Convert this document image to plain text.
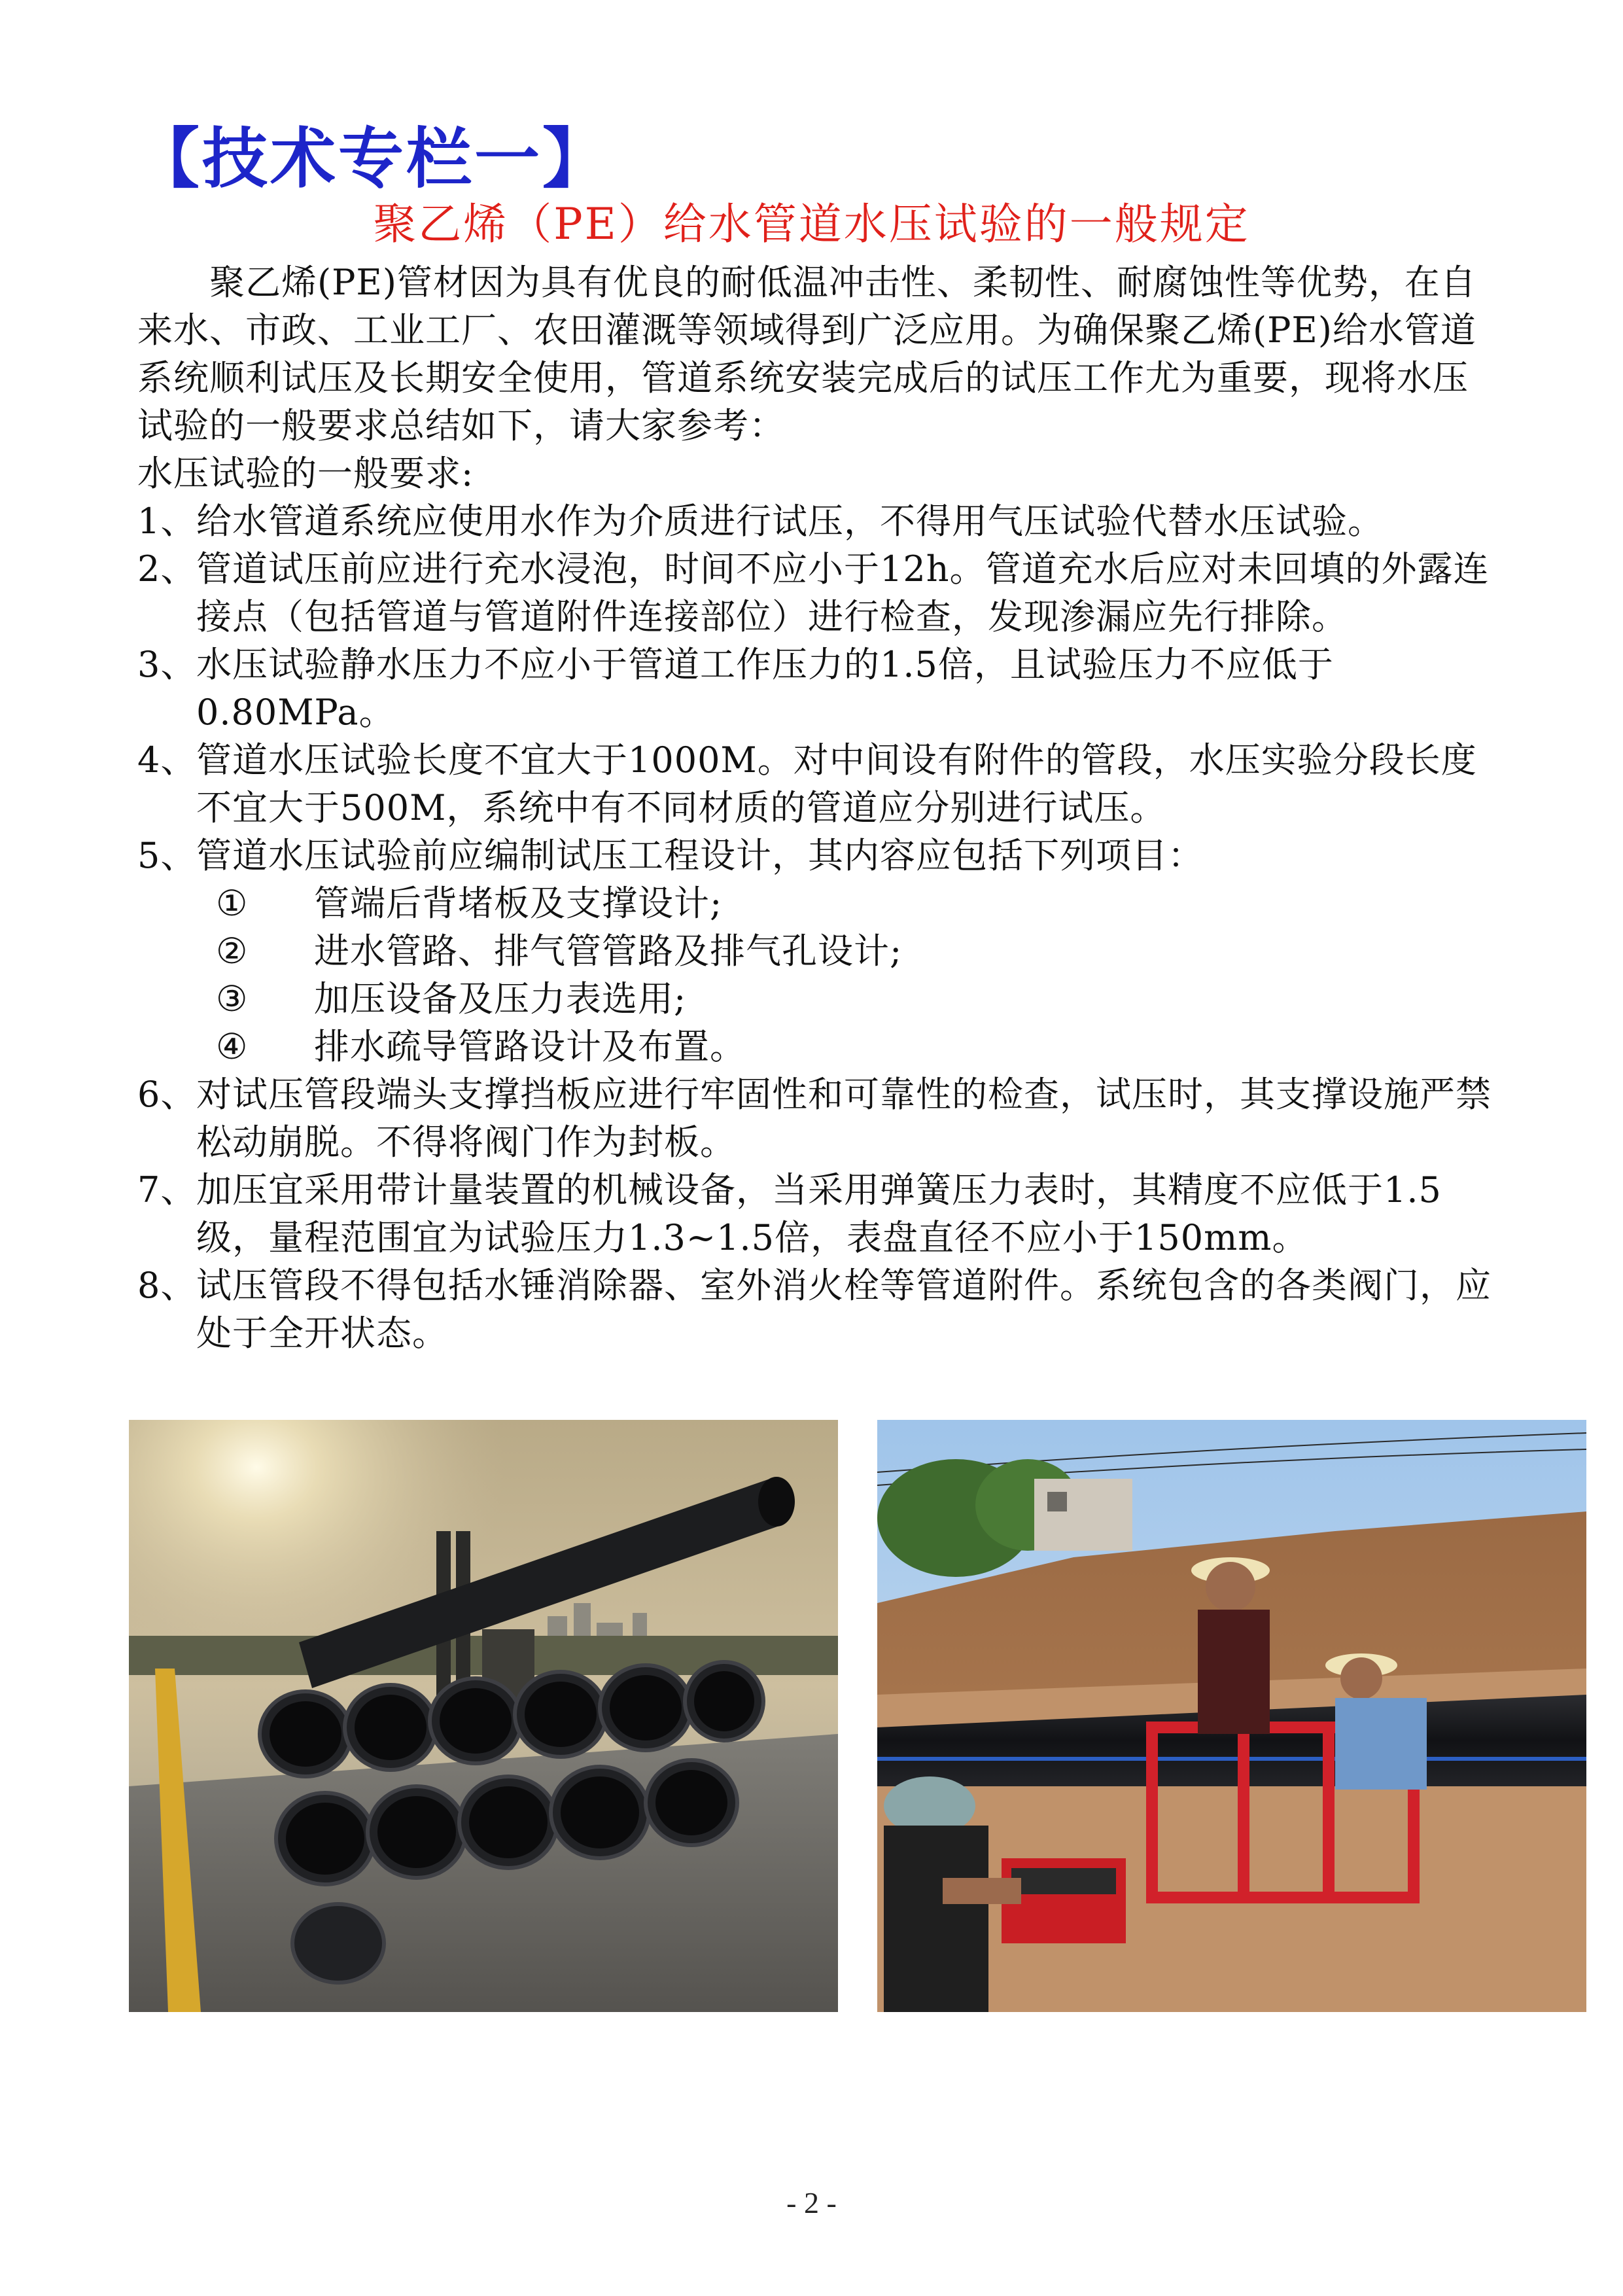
【技术专栏一】
聚乙烯（PE）给水管道水压试验的一般规定

聚乙烯(PE)管材因为具有优良的耐低温冲击性、柔韧性、耐腐蚀性等优势，在自来水、市政、工业工厂、农田灌溉等领域得到广泛应用。为确保聚乙烯(PE)给水管道系统顺利试压及长期安全使用，管道系统安装完成后的试压工作尤为重要，现将水压试验的一般要求总结如下，请大家参考：

水压试验的一般要求:

1、 给水管道系统应使用水作为介质进行试压，不得用气压试验代替水压试验。
2、 管道试压前应进行充水浸泡，时间不应小于12h。管道充水后应对未回填的外露连接点（包括管道与管道附件连接部位）进行检查，发现渗漏应先行排除。
3、 水压试验静水压力不应小于管道工作压力的1.5倍，且试验压力不应低于0.80MPa。
4、 管道水压试验长度不宜大于1000M。对中间设有附件的管段，水压实验分段长度不宜大于500M，系统中有不同材质的管道应分别进行试压。
5、 管道水压试验前应编制试压工程设计，其内容应包括下列项目：
① 管端后背堵板及支撑设计;
② 进水管路、排气管管路及排气孔设计;
③ 加压设备及压力表选用;
④ 排水疏导管路设计及布置。
6、 对试压管段端头支撑挡板应进行牢固性和可靠性的检查，试压时，其支撑设施严禁松动崩脱。不得将阀门作为封板。
7、 加压宜采用带计量装置的机械设备，当采用弹簧压力表时，其精度不应低于1.5级，量程范围宜为试验压力1.3~1.5倍，表盘直径不应小于150mm。
8、 试压管段不得包括水锤消除器、室外消火栓等管道附件。系统包含的各类阀门，应处于全开状态。
- 2 -
